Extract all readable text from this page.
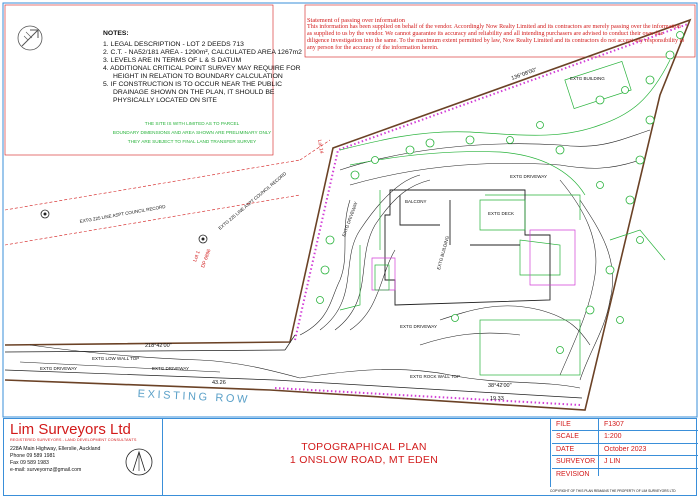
BALCONY
EXTG BUILDING
EXTG DRIVEWAY
EXTG DRIVEWAY
EXTG DRIVEWAY
EXTG DRIVEWAY	EXTG DRIVEWAY
EXTG ROCK WALL TOP
EXTG LOW WALL TOP
EXTG DECK
EXTG BUILDING
EXTG 225 LINE ASPT COUNCIL RECORD	EXTG 225 LINE ASPT COUNCIL RECORD
Lot 14
Lot 1
DP 6896
136°08'00"
218°42'00"
38°42'00"
43.26
19.33
EXISTING ROW
Statement of passing over information
This information has been supplied on behalf of the vendor. Accordingly Now Realty Limited and its contractors are merely passing over the information as supplied to us by the vendor. We cannot guarantee its accuracy and reliability and all intending purchasers are advised to conduct their own due diligence investigation into the same. To the maximum extent permitted by law, Now Realty Limited and its contractors do not accept any responsibility to any person for the accuracy of the information herein.
NOTES:
1. LEGAL DESCRIPTION - LOT 2 DEEDS 713
2. C.T. - NA52/181 AREA - 1290m², CALCULATED AREA 1267m2
3. LEVELS ARE IN TERMS OF L & S DATUM
4. ADDITIONAL CRITICAL POINT SURVEY MAY REQUIRE FOR HEIGHT IN RELATION TO BOUNDARY CALCULATION
5. IF CONSTRUCTION IS TO OCCUR NEAR THE PUBLIC DRAINAGE SHOWN ON THE PLAN, IT SHOULD BE PHYSICALLY LOCATED ON SITE
THE SITE IS WITH LIMITED AS TO PARCEL
BOUNDARY DIMENSIONS AND AREA SHOWN ARE PRELIMINARY ONLY
THEY ARE SUBJECT TO FINAL LAND TRANSFER SURVEY
Lim Surveyors Ltd
REGISTERED SURVEYORS - LAND DEVELOPMENT CONSULTANTS
228A Main Highway, Ellerslie, Auckland
Phone 09 589 1981
Fax 09 589 1983
e-mail: surveyornz@gmail.com
TOPOGRAPHICAL PLAN
1 ONSLOW ROAD, MT EDEN
FILE	F1307
SCALE	1:200
DATE	October 2023
SURVEYOR J LIN
REVISION
COPYRIGHT OF THIS PLAN REMAINS THE PROPERTY OF LIM SURVEYORS LTD
